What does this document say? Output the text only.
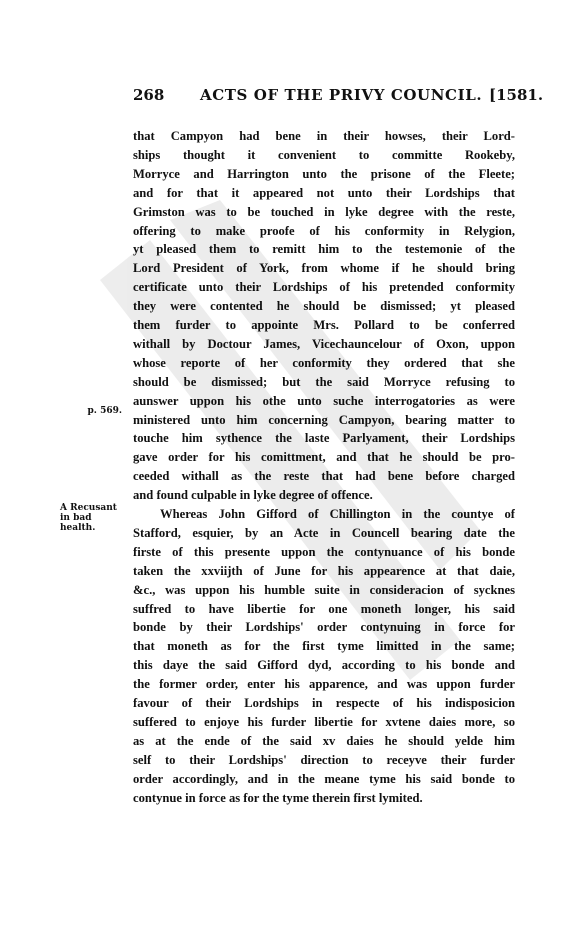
268 ACTS OF THE PRIVY COUNCIL. [1581.
that Campyon had bene in their howses, their Lord-
ships thought it convenient to committe Rookeby,
Morryce and Harrington unto the prisone of the Fleete;
and for that it appeared not unto their Lordships that
Grimston was to be touched in lyke degree with the reste,
offering to make proofe of his conformity in Relygion,
yt pleased them to remitt him to the testemonie of the
Lord President of York, from whome if he should bring
certificate unto their Lordships of his pretended conformity
they were contented he should be dismissed; yt pleased
them furder to appointe Mrs. Pollard to be conferred
withall by Doctour James, Vicechauncelour of Oxon, uppon
whose reporte of her conformity they ordered that she
should be dismissed; but the said Morryce refusing to
aunswer uppon his othe unto suche interrogatories as were
ministered unto him concerning Campyon, bearing matter to
touche him sythence the laste Parlyament, their Lordships
gave order for his comittment, and that he should be pro-
ceeded withall as the reste that had bene before charged
and found culpable in lyke degree of offence.
Whereas John Gifford of Chillington in the countye of
Stafford, esquier, by an Acte in Councell bearing date the
firste of this presente uppon the contynuance of his bonde
taken the xxviijth of June for his appearence at that daie,
&c., was uppon his humble suite in consideracion of sycknes
suffred to have libertie for one moneth longer, his said
bonde by their Lordships' order contynuing in force for
that moneth as for the first tyme limitted in the same;
this daye the said Gifford dyd, according to his bonde and
the former order, enter his apparence, and was uppon furder
favour of their Lordships in respecte of his indisposicion
suffered to enjoye his furder libertie for xvtene daies more, so
as at the ende of the said xv daies he should yelde him
self to their Lordships' direction to receyve their furder
order accordingly, and in the meane tyme his said bonde to
contynue in force as for the tyme therein first lymited.
p. 569.
A Recusant in bad health.
